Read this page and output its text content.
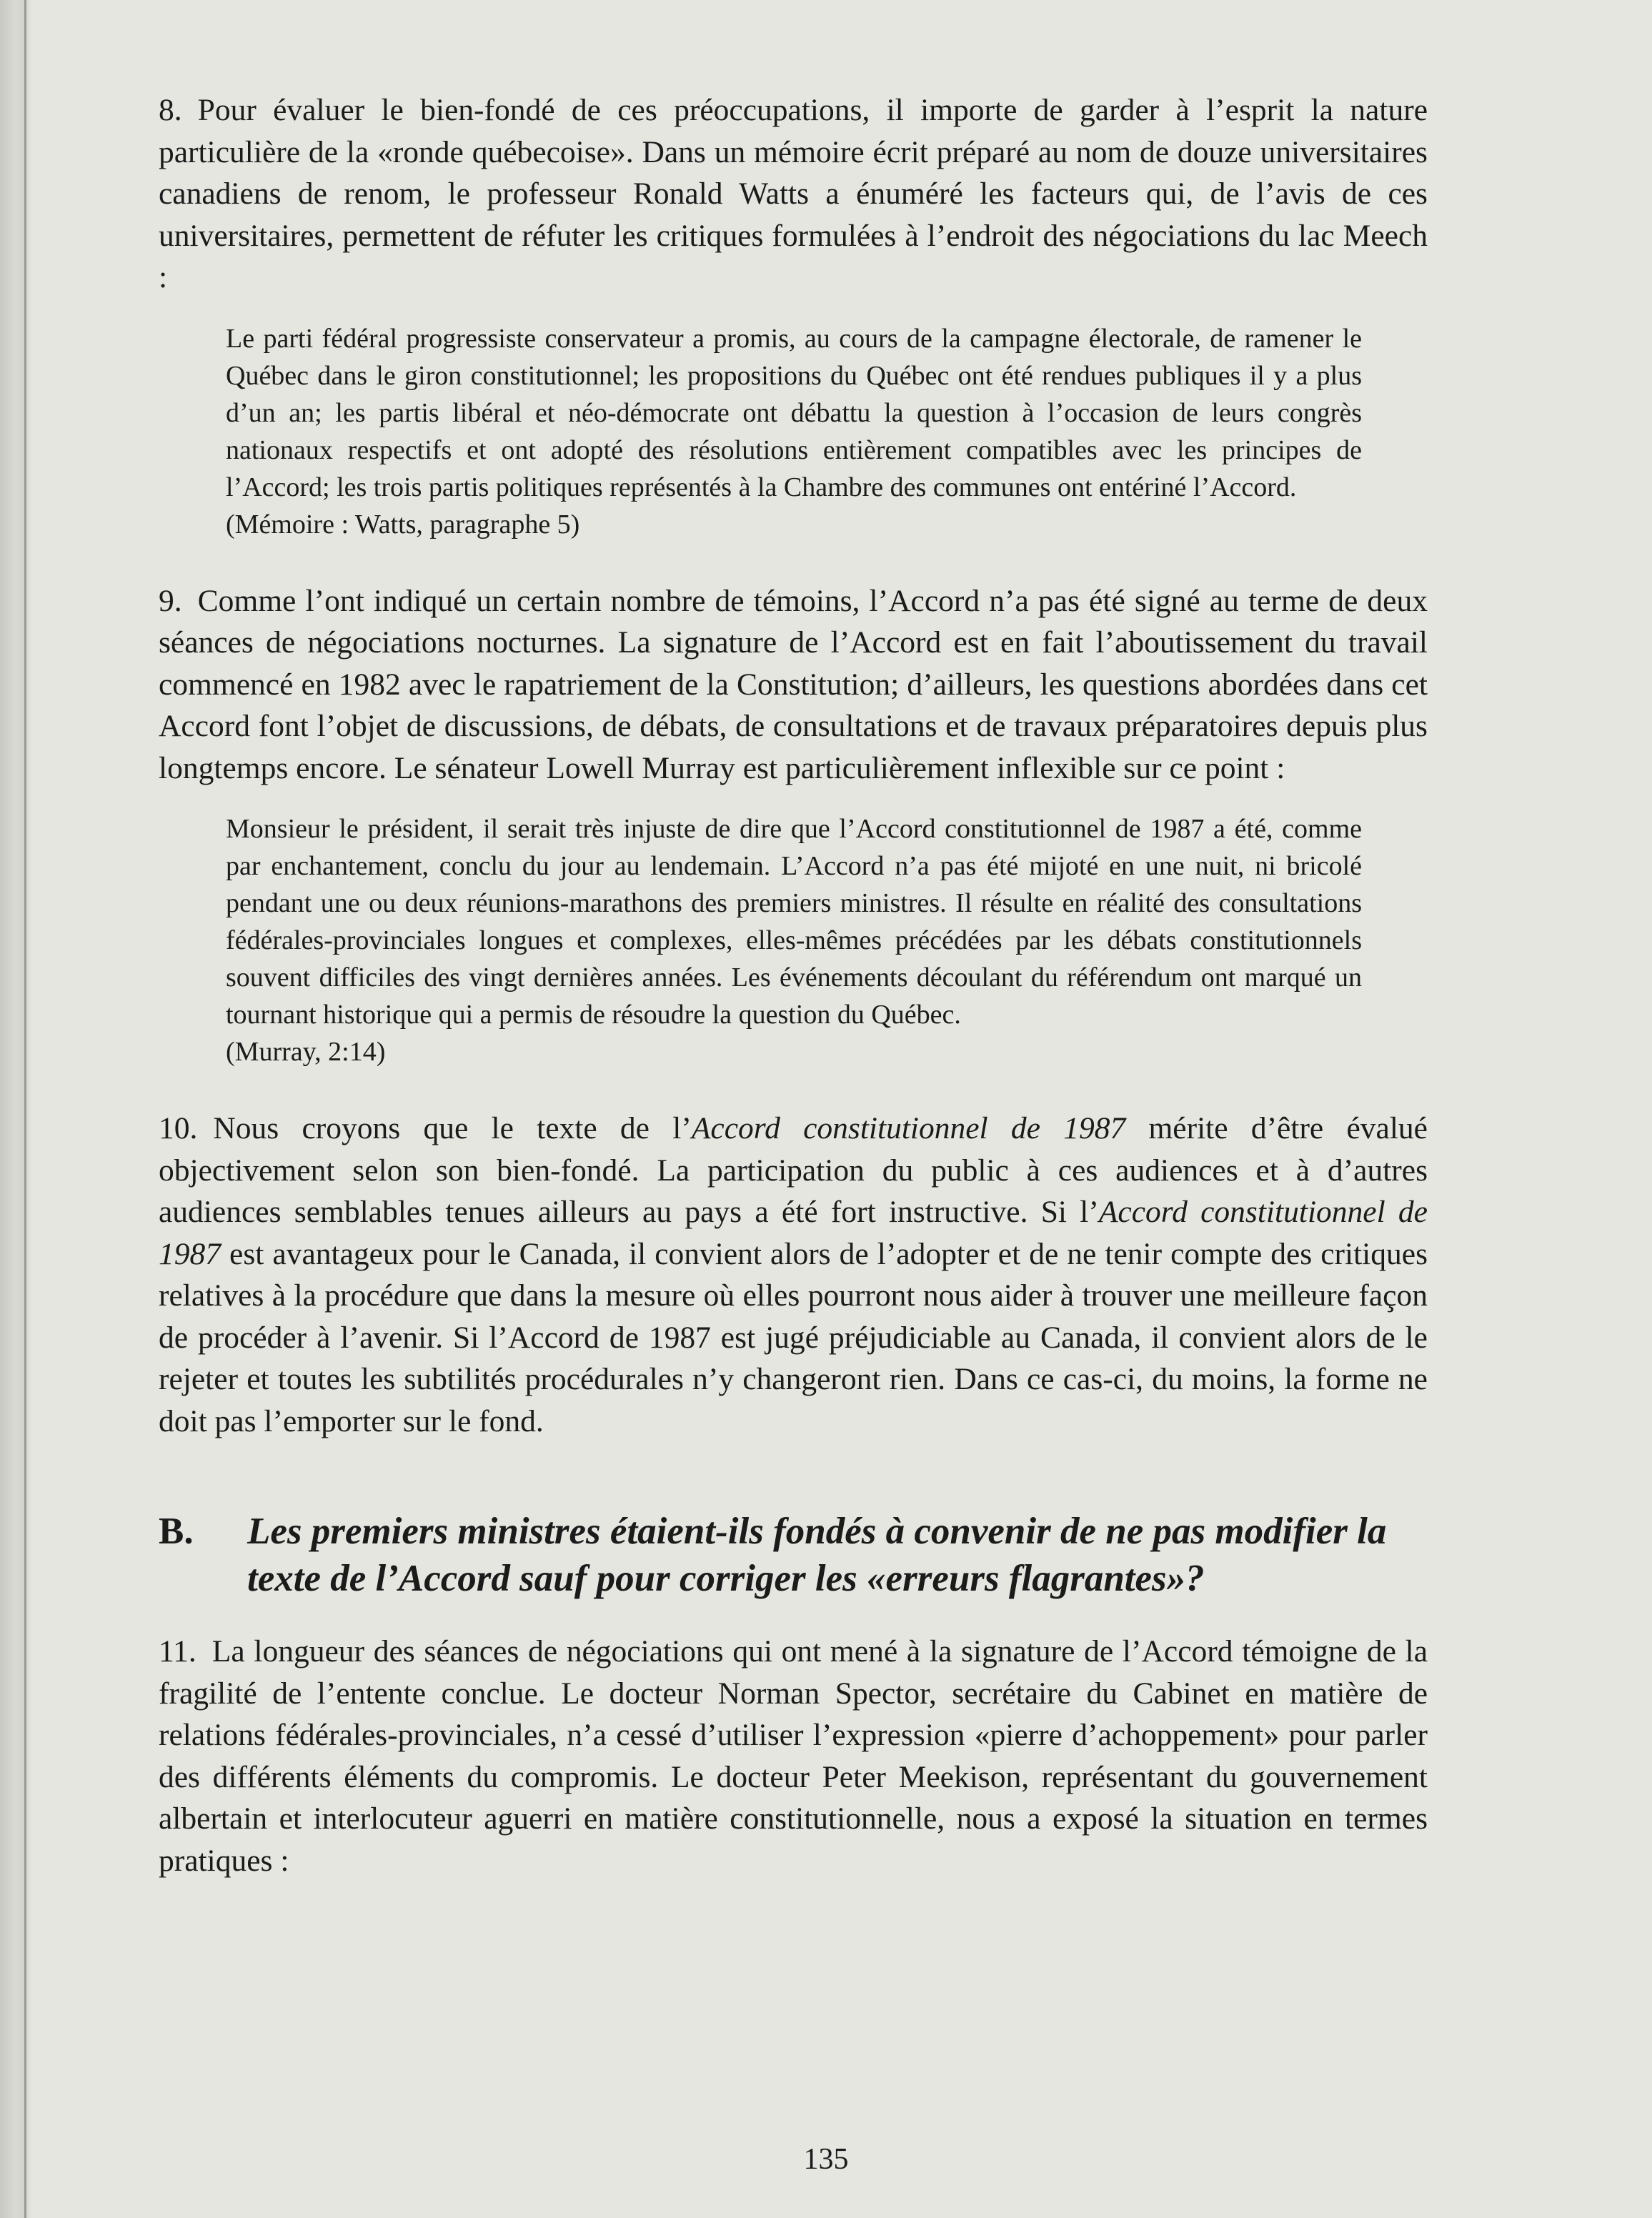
8. Pour évaluer le bien-fondé de ces préoccupations, il importe de garder à l’esprit la nature particulière de la «ronde québecoise». Dans un mémoire écrit préparé au nom de douze universitaires canadiens de renom, le professeur Ronald Watts a énuméré les facteurs qui, de l’avis de ces universitaires, permettent de réfuter les critiques formulées à l’endroit des négociations du lac Meech :

Le parti fédéral progressiste conservateur a promis, au cours de la campagne électorale, de ramener le Québec dans le giron constitutionnel; les propositions du Québec ont été rendues publiques il y a plus d’un an; les partis libéral et néo-démocrate ont débattu la question à l’occasion de leurs congrès nationaux respectifs et ont adopté des résolutions entièrement compatibles avec les principes de l’Accord; les trois partis politiques représentés à la Chambre des communes ont entériné l’Accord.
(Mémoire : Watts, paragraphe 5)

9. Comme l’ont indiqué un certain nombre de témoins, l’Accord n’a pas été signé au terme de deux séances de négociations nocturnes. La signature de l’Accord est en fait l’aboutissement du travail commencé en 1982 avec le rapatriement de la Constitution; d’ailleurs, les questions abordées dans cet Accord font l’objet de discussions, de débats, de consultations et de travaux préparatoires depuis plus longtemps encore. Le sénateur Lowell Murray est particulièrement inflexible sur ce point :

Monsieur le président, il serait très injuste de dire que l’Accord constitutionnel de 1987 a été, comme par enchantement, conclu du jour au lendemain. L’Accord n’a pas été mijoté en une nuit, ni bricolé pendant une ou deux réunions-marathons des premiers ministres. Il résulte en réalité des consultations fédérales-provinciales longues et complexes, elles-mêmes précédées par les débats constitutionnels souvent difficiles des vingt dernières années. Les événements découlant du référendum ont marqué un tournant historique qui a permis de résoudre la question du Québec.
(Murray, 2:14)

10. Nous croyons que le texte de l’Accord constitutionnel de 1987 mérite d’être évalué objectivement selon son bien-fondé. La participation du public à ces audiences et à d’autres audiences semblables tenues ailleurs au pays a été fort instructive. Si l’Accord constitutionnel de 1987 est avantageux pour le Canada, il convient alors de l’adopter et de ne tenir compte des critiques relatives à la procédure que dans la mesure où elles pourront nous aider à trouver une meilleure façon de procéder à l’avenir. Si l’Accord de 1987 est jugé préjudiciable au Canada, il convient alors de le rejeter et toutes les subtilités procédurales n’y changeront rien. Dans ce cas-ci, du moins, la forme ne doit pas l’emporter sur le fond.

B.	Les premiers ministres étaient-ils fondés à convenir de ne pas modifier la texte de l’Accord sauf pour corriger les «erreurs flagrantes»?

11. La longueur des séances de négociations qui ont mené à la signature de l’Accord témoigne de la fragilité de l’entente conclue. Le docteur Norman Spector, secrétaire du Cabinet en matière de relations fédérales-provinciales, n’a cessé d’utiliser l’expression «pierre d’achoppement» pour parler des différents éléments du compromis. Le docteur Peter Meekison, représentant du gouvernement albertain et interlocuteur aguerri en matière constitutionnelle, nous a exposé la situation en termes pratiques :

135
